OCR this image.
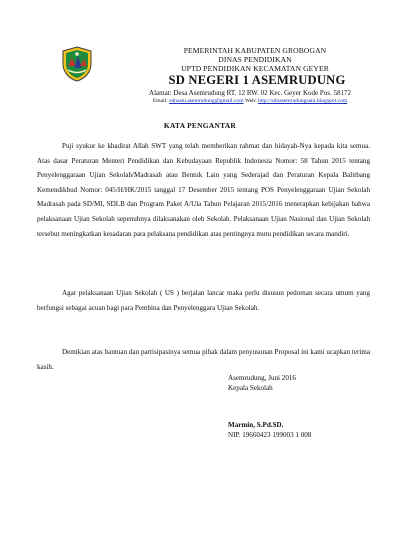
PEMERINTAH KABUPATEN GROBOGAN
DINAS PENDIDIKAN
UPTD PENDIDIKAN KECAMATAN GEYER
SD NEGERI 1 ASEMRUDUNG
Alamat: Desa Asemrudung RT. 12 RW. 02 Kec. Geyer Kode Pos. 58172
Email: sdnsatu.asemrudung@gmail.com Web: http://sdnasemrudungsatu.blogspot.com
KATA PENGANTAR

Puji syukur ke khadirat Allah SWT yang telah memberikan rahmat dan hidayah-Nya kepada kita semua. Atas dasar Peraturan Menteri Pendidikan dan Kebudayaan Republik Indonesia Nomor: 58 Tahun 2015 tentang Penyelenggaraan Ujian Sekolah/Madrasah atau Bentuk Lain yang Sederajad dan Peraturan Kepala Balitbang Kemendikbud Nomor: 045/H/HK/2015 tanggal 17 Desember 2015 tentang POS Penyelenggaraan Ujian Sekolah Madrasah pada SD/MI, SDLB dan Program Paket A/Ula Tahun Pelajaran 2015/2016 menerapkan kebijakan bahwa pelaksanaan Ujian Sekolah sepenuhnya dilaksanakan oleh Sekolah. Pelaksanaan Ujian Nasional dan Ujian Sekolah tersebut meningkatkan kesadaran para pelaksana pendidikan atas pentingnya mutu pendidikan secara mandiri.

Agar pelaksanaan Ujian Sekolah ( US ) berjalan lancar maka perlu disusun pedoman secara umum yang berfungsi sebagai acuan bagi para Pembina dan Penyelenggara Ujian Sekolah.

Demikian atas bantuan dan partisipasinya semua pihak dalam penyusunan Proposal ini kami ucapkan terima kasih.

Asemrudung, Juni 2016
Kepala Sekolah
Marmin, S.Pd.SD.
NIP. 19660423 199003 1 008
